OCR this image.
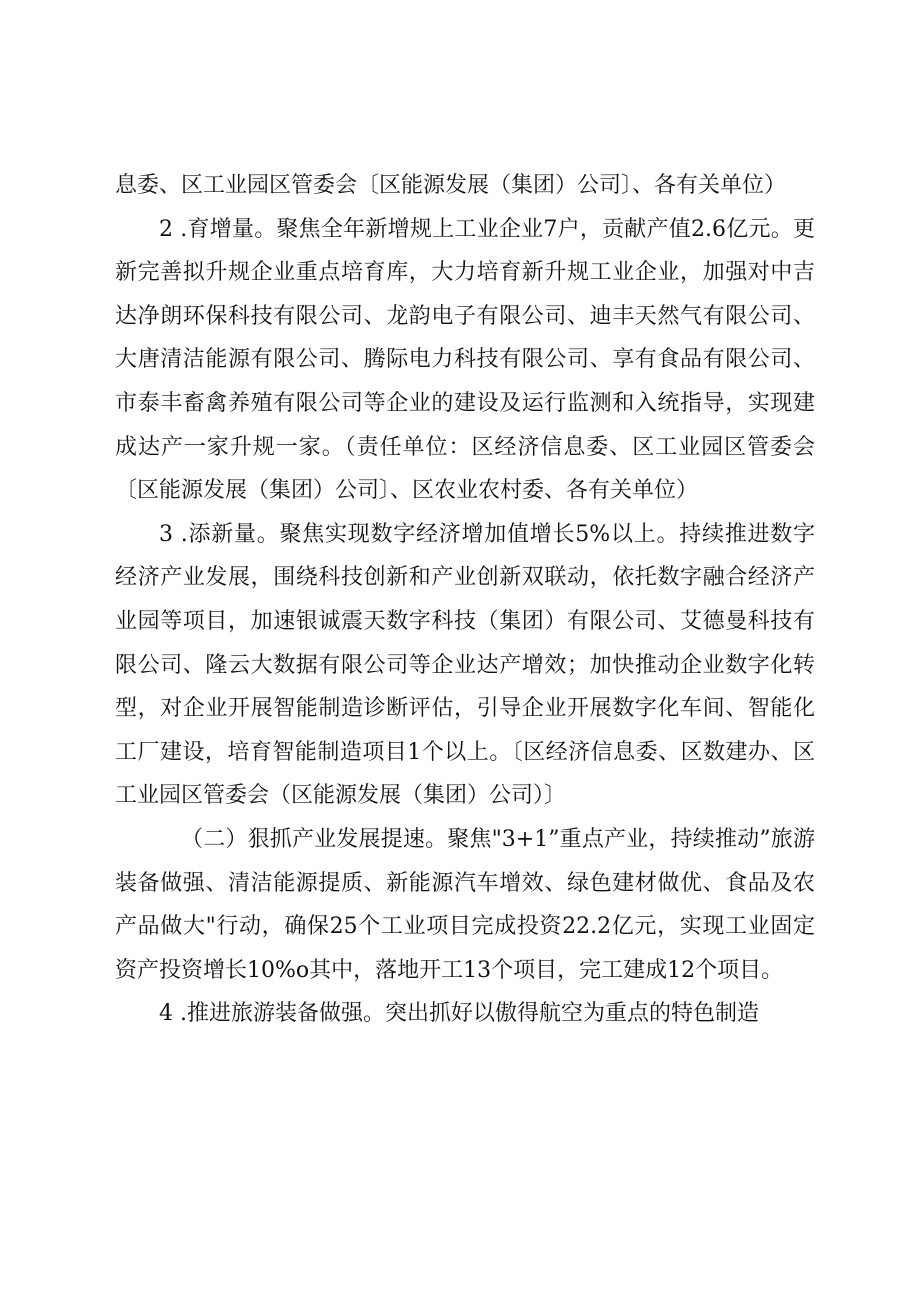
息委、区工业园区管委会〔区能源发展（集团）公司〕、各有关单位）

2 .育增量。聚焦全年新增规上工业企业7户，贡献产值2.6亿元。更新完善拟升规企业重点培育库，大力培育新升规工业企业，加强对中吉达净朗环保科技有限公司、龙韵电子有限公司、迪丰天然气有限公司、大唐清洁能源有限公司、腾际电力科技有限公司、享有食品有限公司、市泰丰畜禽养殖有限公司等企业的建设及运行监测和入统指导，实现建成达产一家升规一家。（责任单位：区经济信息委、区工业园区管委会〔区能源发展（集团）公司〕、区农业农村委、各有关单位）

3 .添新量。聚焦实现数字经济增加值增长5%以上。持续推进数字经济产业发展，围绕科技创新和产业创新双联动，依托数字融合经济产业园等项目，加速银诚震天数字科技（集团）有限公司、艾德曼科技有限公司、隆云大数据有限公司等企业达产增效；加快推动企业数字化转型，对企业开展智能制造诊断评估，引导企业开展数字化车间、智能化工厂建设，培育智能制造项目1个以上。〔区经济信息委、区数建办、区工业园区管委会（区能源发展（集团）公司）〕

（二）狠抓产业发展提速。聚焦"3+1”重点产业，持续推动”旅游装备做强、清洁能源提质、新能源汽车增效、绿色建材做优、食品及农产品做大"行动，确保25个工业项目完成投资22.2亿元，实现工业固定资产投资增长10%o其中，落地开工13个项目，完工建成12个项目。

4 .推进旅游装备做强。突出抓好以傲得航空为重点的特色制造
